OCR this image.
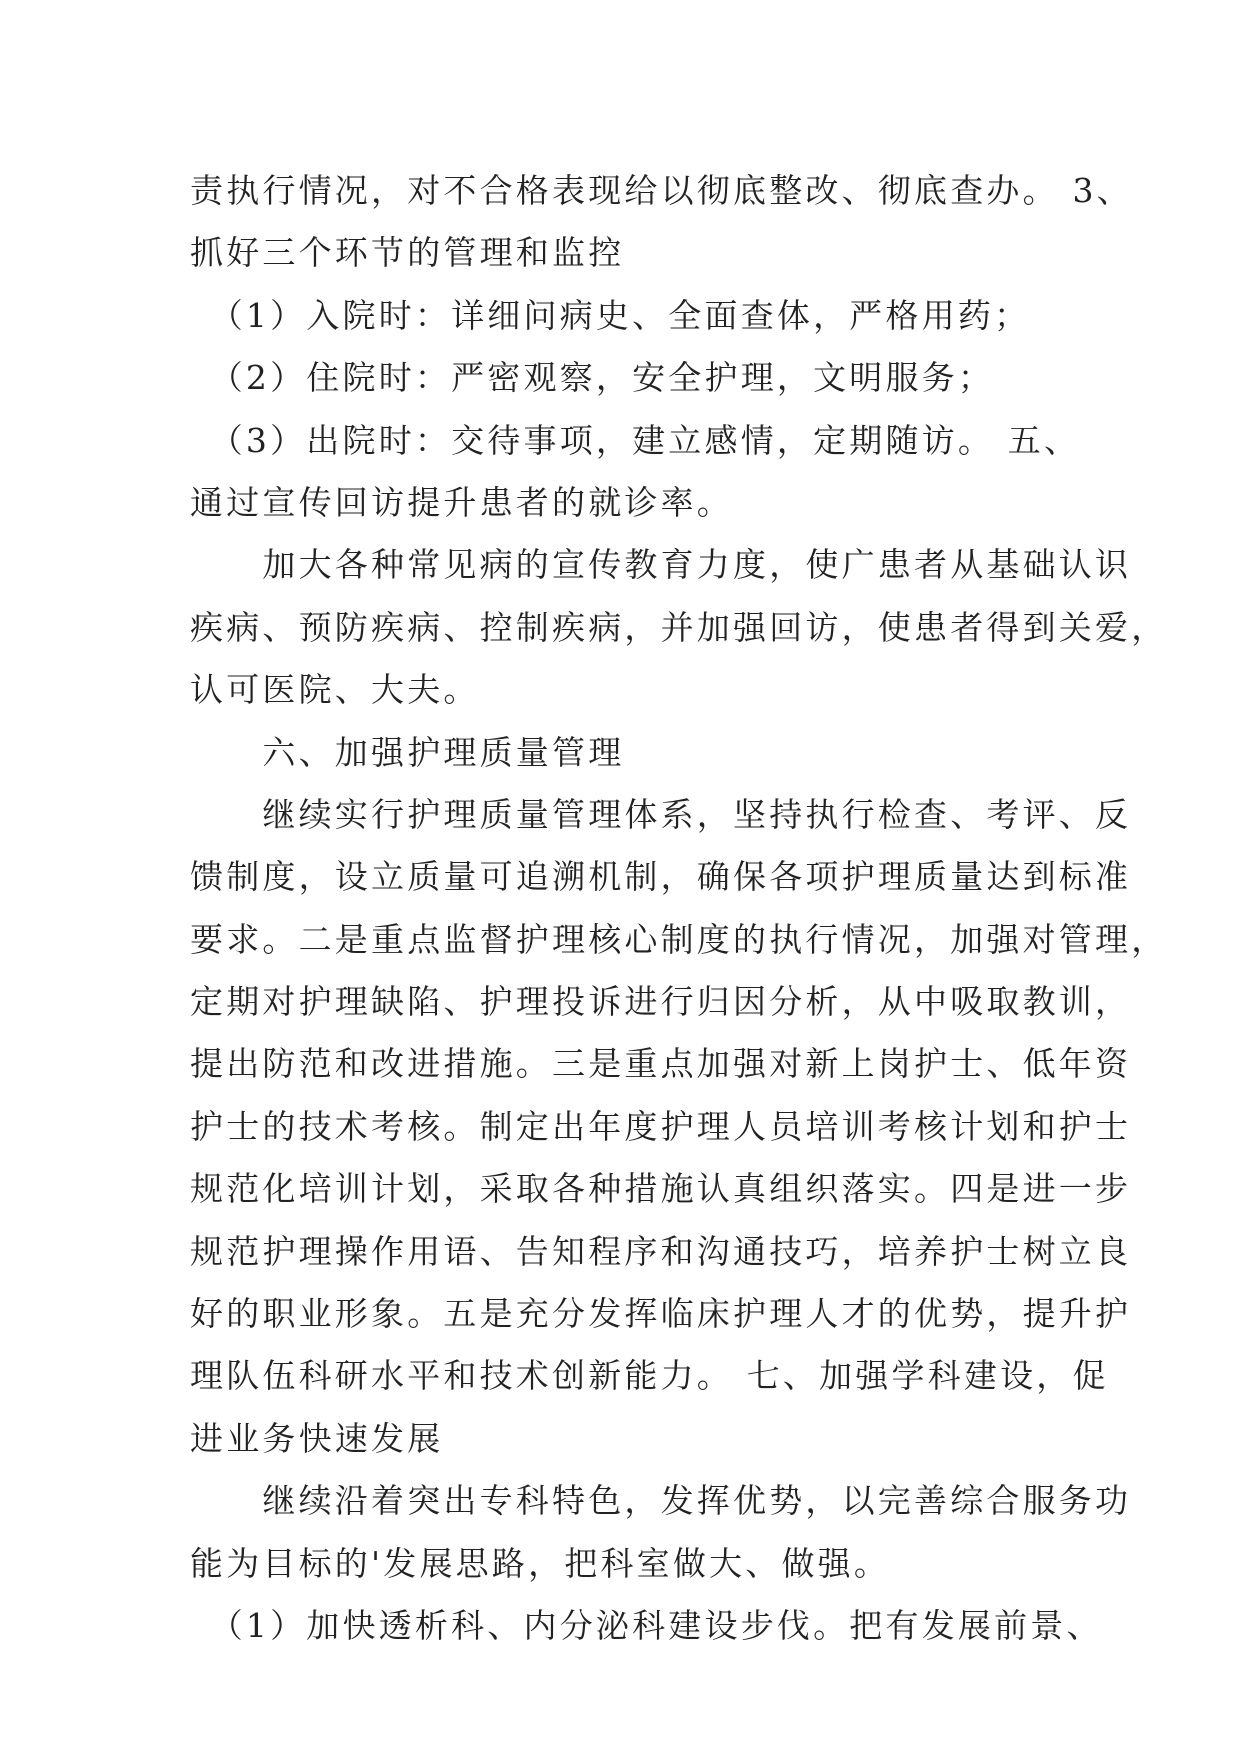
责执行情况，对不合格表现给以彻底整改、彻底查办。 3、
抓好三个环节的管理和监控
　（1）入院时：详细问病史、全面查体，严格用药；
　（2）住院时：严密观察，安全护理，文明服务；
　（3）出院时：交待事项，建立感情，定期随访。 五、
通过宣传回访提升患者的就诊率。
　　加大各种常见病的宣传教育力度，使广患者从基础认识
疾病、预防疾病、控制疾病，并加强回访，使患者得到关爱，
认可医院、大夫。
　　六、加强护理质量管理
　　继续实行护理质量管理体系，坚持执行检查、考评、反
馈制度，设立质量可追溯机制，确保各项护理质量达到标准
要求。二是重点监督护理核心制度的执行情况，加强对管理，
定期对护理缺陷、护理投诉进行归因分析，从中吸取教训，
提出防范和改进措施。三是重点加强对新上岗护士、低年资
护士的技术考核。制定出年度护理人员培训考核计划和护士
规范化培训计划，采取各种措施认真组织落实。四是进一步
规范护理操作用语、告知程序和沟通技巧，培养护士树立良
好的职业形象。五是充分发挥临床护理人才的优势，提升护
理队伍科研水平和技术创新能力。 七、加强学科建设，促
进业务快速发展
　　继续沿着突出专科特色，发挥优势，以完善综合服务功
能为目标的'发展思路，把科室做大、做强。
　（1）加快透析科、内分泌科建设步伐。把有发展前景、
